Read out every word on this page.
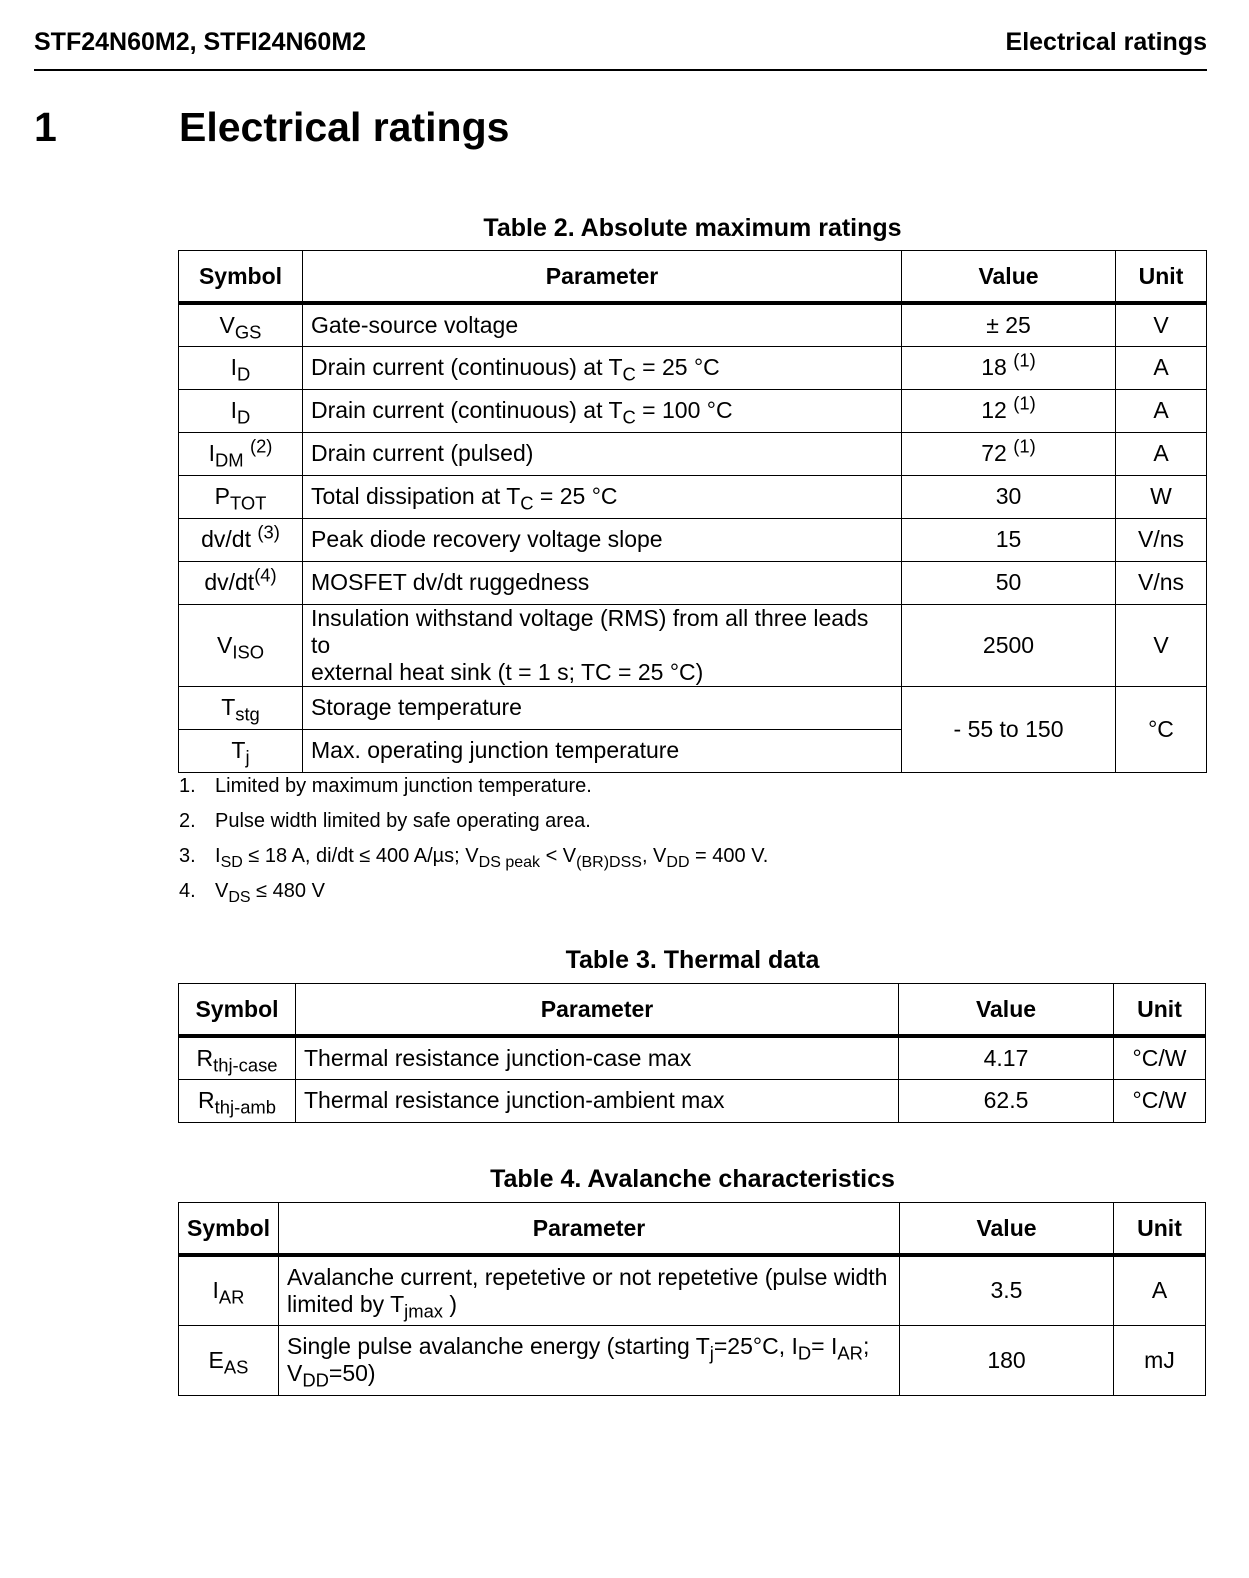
STF24N60M2, STFI24N60M2	Electrical ratings
1	Electrical ratings
Table 2. Absolute maximum ratings
Symbol	Parameter	Value	Unit
$V_{GS}$	Gate-source voltage	± 25	V
$I_D$	Drain current (continuous) at $T_C = 25$ °C	18 $^{(1)}$	A
$I_D$	Drain current (continuous) at $T_C = 100$ °C	12 $^{(1)}$	A
$I_{DM}$ $^{(2)}$	Drain current (pulsed)	72 $^{(1)}$	A
$P_{TOT}$	Total dissipation at $T_C = 25$ °C	30	W
dv/dt $^{(3)}$	Peak diode recovery voltage slope	15	V/ns
$dv/dt^{(4)}$	MOSFET dv/dt ruggedness	50	V/ns
$V_{ISO}$	Insulation withstand voltage (RMS) from all three leads to
external heat sink (t = 1 s; TC = 25 °C)	2500	V
$T_{stg}$	Storage temperature	- 55 to 150	°C
$T_j$	Max. operating junction temperature		
1. Limited by maximum junction temperature.
2. Pulse width limited by safe operating area.
3. $I_{SD} \le 18$ A, di/dt ≤ 400 A/µs; $V_{DS peak} < V_{(BR)DSS}$, $V_{DD} = 400$ V.
4. $V_{DS} \le 480$ V
Table 3. Thermal data
Symbol	Parameter	Value	Unit
$R_{thj-case}$	Thermal resistance junction-case max	4.17	°C/W
$R_{thj-amb}$	Thermal resistance junction-ambient max	62.5	°C/W
Table 4. Avalanche characteristics
Symbol	Parameter	Value	Unit
$I_{AR}$	Avalanche current, repetetive or not repetetive (pulse width
limited by $T_{jmax}$ )	3.5	A
$E_{AS}$	Single pulse avalanche energy (starting $T_j=25^\circ C$, $I_D= I_{AR}$;
$V_{DD}=50$)	180	mJ
